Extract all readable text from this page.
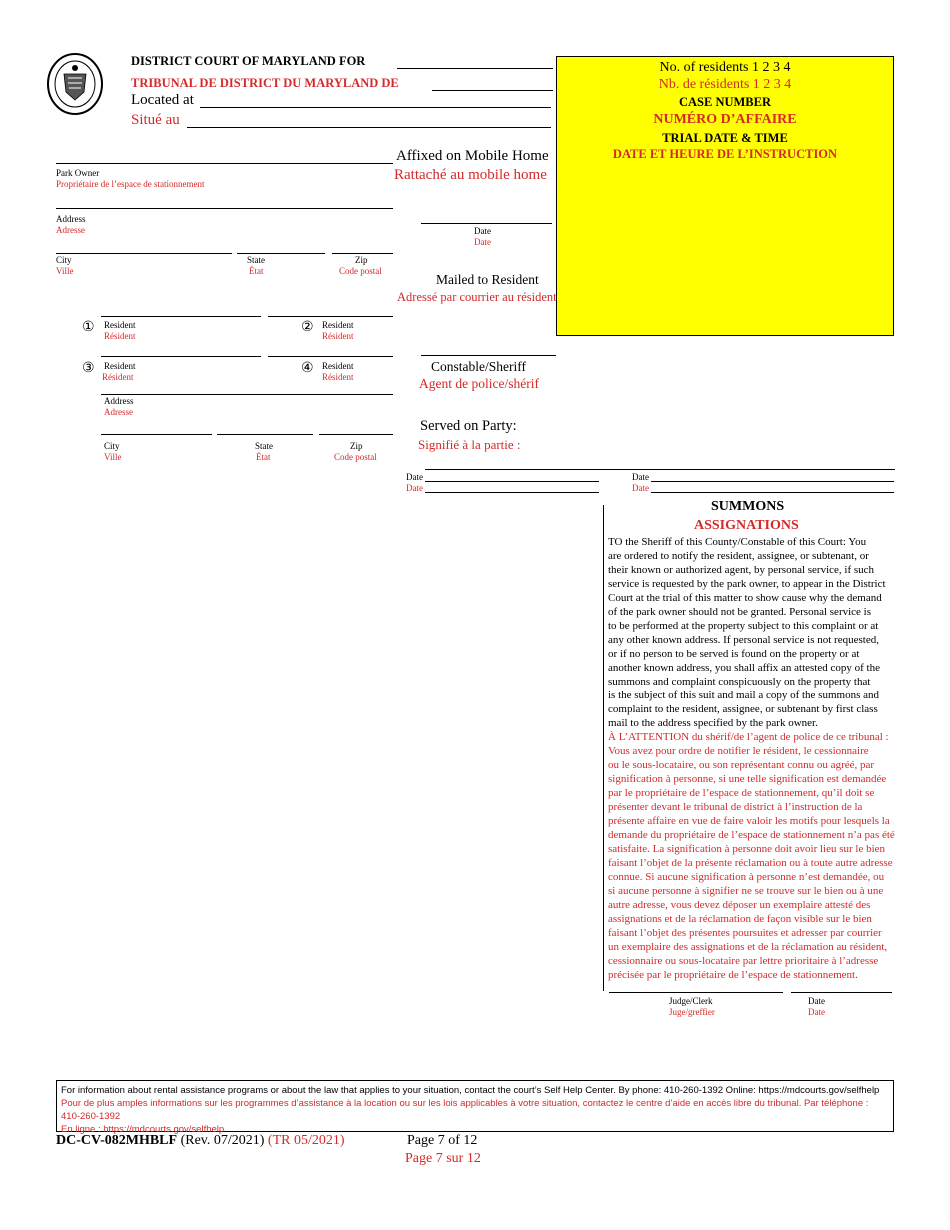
DISTRICT COURT OF MARYLAND FOR
TRIBUNAL DE DISTRICT DU MARYLAND DE
Located at
Situé au
No. of residents 1 2 3 4
Nb. de résidents 1 2 3 4
CASE NUMBER
NUMÉRO D’AFFAIRE
TRIAL DATE & TIME
DATE ET HEURE DE L’INSTRUCTION
Park Owner
Propriétaire de l’espace de stationnement
Address
Adresse
City
Ville
State
État
Zip
Code postal
Affixed on Mobile Home
Rattaché au mobile home
Date
Date
Mailed to Resident
Adressé par courrier au résident
① Resident
Résident
② Resident
Résident
③ Resident
Résident
④ Resident
Résident
Address
Adresse
City
Ville
State
État
Zip
Code postal
Constable/Sheriff
Agent de police/shérif
Served on Party:
Signifié à la partie :
Date
Date
Date
Date
SUMMONS
ASSIGNATIONS
TO the Sheriff of this County/Constable of this Court: You
are ordered to notify the resident, assignee, or subtenant, or
their known or authorized agent, by personal service, if such
service is requested by the park owner, to appear in the District
Court at the trial of this matter to show cause why the demand
of the park owner should not be granted. Personal service is
to be performed at the property subject to this complaint or at
any other known address. If personal service is not requested,
or if no person to be served is found on the property or at
another known address, you shall affix an attested copy of the
summons and complaint conspicuously on the property that
is the subject of this suit and mail a copy of the summons and
complaint to the resident, assignee, or subtenant by first class
mail to the address specified by the park owner.
À L’ATTENTION du shérif/de l’agent de police de ce tribunal :
Vous avez pour ordre de notifier le résident, le cessionnaire
ou le sous-locataire, ou son représentant connu ou agréé, par
signification à personne, si une telle signification est demandée
par le propriétaire de l’espace de stationnement, qu’il doit se
présenter devant le tribunal de district à l’instruction de la
présente affaire en vue de faire valoir les motifs pour lesquels la
demande du propriétaire de l’espace de stationnement n’a pas été
satisfaite. La signification à personne doit avoir lieu sur le bien
faisant l’objet de la présente réclamation ou à toute autre adresse
connue. Si aucune signification à personne n’est demandée, ou
si aucune personne à signifier ne se trouve sur le bien ou à une
autre adresse, vous devez déposer un exemplaire attesté des
assignations et de la réclamation de façon visible sur le bien
faisant l’objet des présentes poursuites et adresser par courrier
un exemplaire des assignations et de la réclamation au résident,
cessionnaire ou sous-locataire par lettre prioritaire à l’adresse
précisée par le propriétaire de l’espace de stationnement.
Judge/Clerk
Juge/greffier
Date
Date
For information about rental assistance programs or about the law that applies to your situation, contact the court’s Self Help Center. By phone: 410-260-1392 Online: https://mdcourts.gov/selfhelp
Pour de plus amples informations sur les programmes d’assistance à la location ou sur les lois applicables à votre situation, contactez le centre d’aide en accès libre du tribunal. Par téléphone : 410-260-1392
En ligne : https://mdcourts.gov/selfhelp
DC-CV-082MHBLF (Rev. 07/2021) (TR 05/2021)	Page 7 of 12
Page 7 sur 12
